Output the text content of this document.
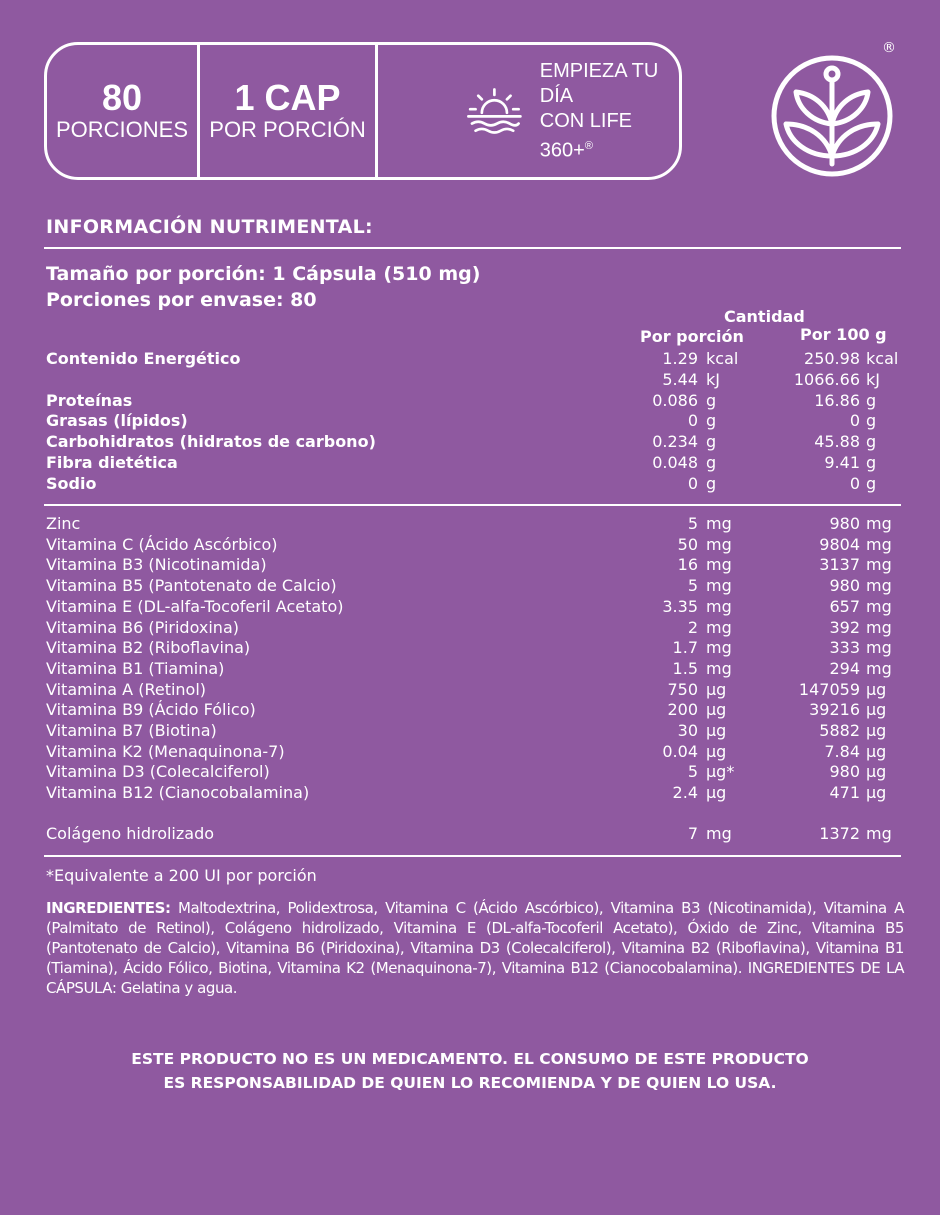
80
PORCIONES
1 CAP
POR PORCIÓN
EMPIEZA TU DÍA
CON LIFE 360+®
®
INFORMACIÓN NUTRIMENTAL:
Tamaño por porción: 1 Cápsula (510 mg)
Porciones por envase: 80
Cantidad
Por porción	Por 100 g
Contenido Energético	1.29 kcal	250.98 kcal
5.44 kJ	1066.66 kJ
Proteínas	0.086 g	16.86 g
Grasas (lípidos)	0 g	0 g
Carbohidratos (hidratos de carbono)	0.234 g	45.88 g
Fibra dietética	0.048 g	9.41 g
Sodio	0 g	0 g
Zinc	5 mg	980 mg
Vitamina C (Ácido Ascórbico)	50 mg	9804 mg
Vitamina B3 (Nicotinamida)	16 mg	3137 mg
Vitamina B5 (Pantotenato de Calcio)	5 mg	980 mg
Vitamina E (DL-alfa-Tocoferil Acetato)	3.35 mg	657 mg
Vitamina B6 (Piridoxina)	2 mg	392 mg
Vitamina B2 (Riboflavina)	1.7 mg	333 mg
Vitamina B1 (Tiamina)	1.5 mg	294 mg
Vitamina A (Retinol)	750 µg	147059 µg
Vitamina B9 (Ácido Fólico)	200 µg	39216 µg
Vitamina B7 (Biotina)	30 µg	5882 µg
Vitamina K2 (Menaquinona-7)	0.04 µg	7.84 µg
Vitamina D3 (Colecalciferol)	5 µg*	980 µg
Vitamina B12 (Cianocobalamina)	2.4 µg	471 µg
Colágeno hidrolizado	7 mg	1372 mg
*Equivalente a 200 UI por porción
INGREDIENTES: Maltodextrina, Polidextrosa, Vitamina C (Ácido Ascórbico), Vitamina B3 (Nicotinamida), Vitamina A (Palmitato de Retinol), Colágeno hidrolizado, Vitamina E (DL-alfa-Tocoferil Acetato), Óxido de Zinc, Vitamina B5 (Pantotenato de Calcio), Vitamina B6 (Piridoxina), Vitamina D3 (Colecalciferol), Vitamina B2 (Riboflavina), Vitamina B1 (Tiamina), Ácido Fólico, Biotina, Vitamina K2 (Menaquinona-7), Vitamina B12 (Cianocobalamina). INGREDIENTES DE LA CÁPSULA: Gelatina y agua.
ESTE PRODUCTO NO ES UN MEDICAMENTO. EL CONSUMO DE ESTE PRODUCTO
ES RESPONSABILIDAD DE QUIEN LO RECOMIENDA Y DE QUIEN LO USA.
